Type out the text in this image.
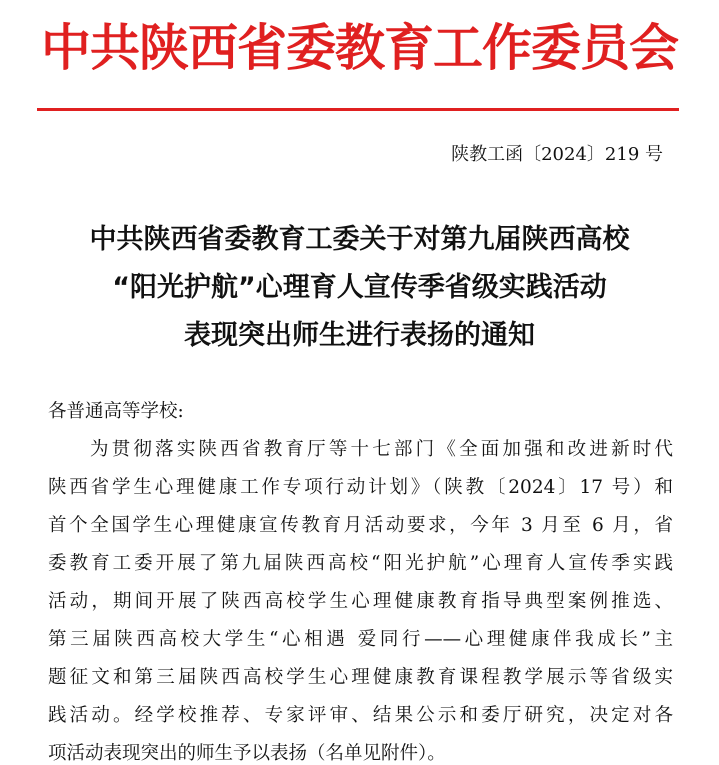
中共陕西省委教育工作委员会
陕教工函〔2024〕219 号
中共陕西省委教育工委关于对第九届陕西高校
“阳光护航”心理育人宣传季省级实践活动
表现突出师生进行表扬的通知
各普通高等学校:
为贯彻落实陕西省教育厅等十七部门《全面加强和改进新时代
陕西省学生心理健康工作专项行动计划》（陕教〔2024〕17 号）和
首个全国学生心理健康宣传教育月活动要求，今年 3 月至 6 月，省
委教育工委开展了第九届陕西高校“阳光护航”心理育人宣传季实践
活动，期间开展了陕西高校学生心理健康教育指导典型案例推选、
第三届陕西高校大学生“心相遇 爱同行——心理健康伴我成长”主
题征文和第三届陕西高校学生心理健康教育课程教学展示等省级实
践活动。经学校推荐、专家评审、结果公示和委厅研究，决定对各
项活动表现突出的师生予以表扬（名单见附件）。
